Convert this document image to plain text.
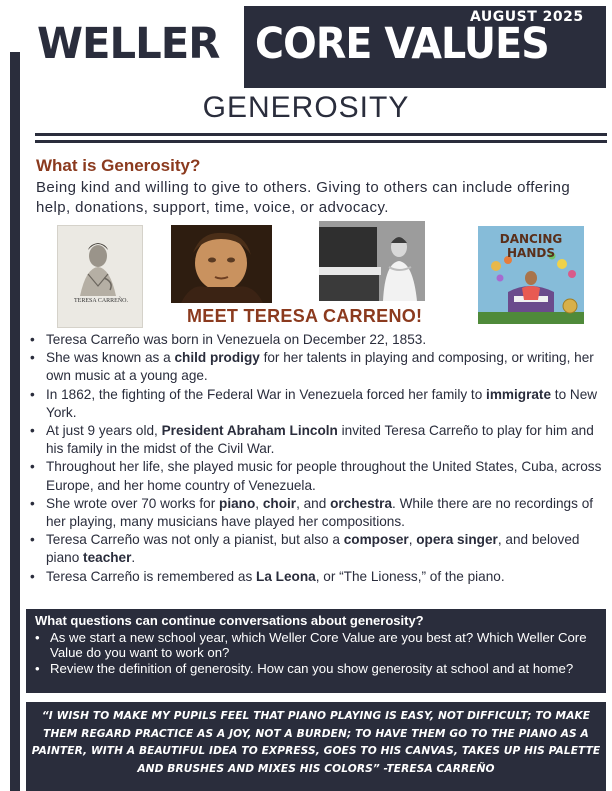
AUGUST 2025
WELLER CORE VALUES
GENEROSITY
What is Generosity?
Being kind and willing to give to others. Giving to others can include offering help, donations, support, time, voice, or advocacy.
TERESA CARREÑO.
DANCING HANDS
MEET TERESA CARRENO!
• Teresa Carreño was born in Venezuela on December 22, 1853.
• She was known as a child prodigy for her talents in playing and composing, or writing, her own music at a young age.
• In 1862, the fighting of the Federal War in Venezuela forced her family to immigrate to New York.
• At just 9 years old, President Abraham Lincoln invited Teresa Carreño to play for him and his family in the midst of the Civil War.
• Throughout her life, she played music for people throughout the United States, Cuba, across Europe, and her home country of Venezuela.
• She wrote over 70 works for piano, choir, and orchestra. While there are no recordings of her playing, many musicians have played her compositions.
• Teresa Carreño was not only a pianist, but also a composer, opera singer, and beloved piano teacher.
• Teresa Carreño is remembered as La Leona, or “The Lioness,” of the piano.
What questions can continue conversations about generosity?
• As we start a new school year, which Weller Core Value are you best at? Which Weller Core Value do you want to work on?
• Review the definition of generosity. How can you show generosity at school and at home?
“I WISH TO MAKE MY PUPILS FEEL THAT PIANO PLAYING IS EASY, NOT DIFFICULT; TO MAKE THEM REGARD PRACTICE AS A JOY, NOT A BURDEN; TO HAVE THEM GO TO THE PIANO AS A PAINTER, WITH A BEAUTIFUL IDEA TO EXPRESS, GOES TO HIS CANVAS, TAKES UP HIS PALETTE AND BRUSHES AND MIXES HIS COLORS” -TERESA CARREÑO
